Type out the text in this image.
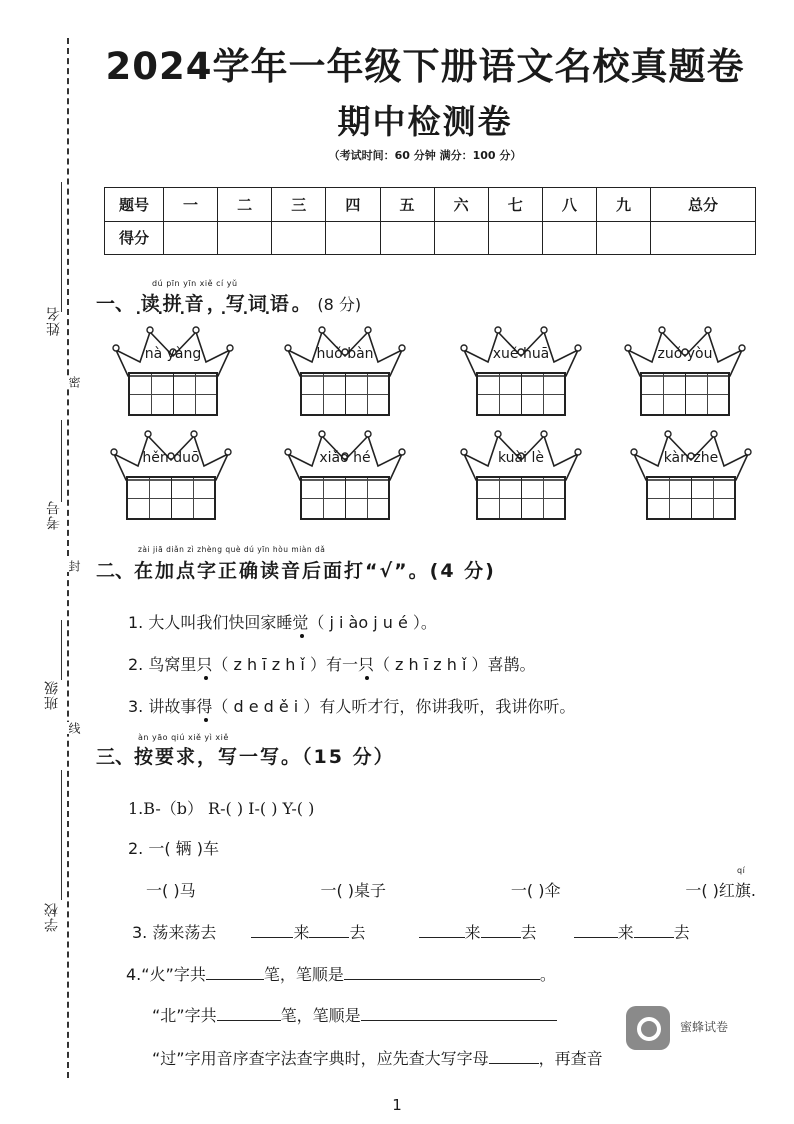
姓名
密
考号
封
班级
线
学校
2024学年一年级下册语文名校真题卷
期中检测卷
（考试时间：60 分钟 满分：100 分）
题号	一	二	三	四	五	六	七	八	九	总分
得分										
dú pīn yīn xiě cí yǔ
一、 读 . 拼 . 音 . ，写 . 词 . 语 . 。 (8 分)
nà yàng	huǒ bàn	xuě huā	zuǒ yòu
hěn duō	xiǎo hé	kuài lè	kàn zhe
zài jiā diǎn zì zhèng què dú yīn hòu miàn dǎ
二、在加点字正确读音后面打“√”。(4 分)
1. 大人叫我们快回家睡觉（ j i ào j u é ）。
2. 鸟窝里只（ z h ī z h ǐ ）有一只（ z h ī z h ǐ ）喜鹊。
3. 讲故事得（ d e d ě i ）有人听才行，你讲我听，我讲你听。
àn yāo qiú xiě yì xiě
三、按要求，写一写。（15 分）
1.B-（b） R-( ) I-( ) Y-( )
2. 一( 辆 )车
一( )马	一( )桌子	一( )伞	一( )红旗.
qí
3. 荡来荡去	来	去	来	去	来	去
4.“火”字共	笔，笔顺是	。
“北”字共	笔，笔顺是
“过”字用音序查字法查字典时，应先查大写字母	，再查音
蜜蜂试卷
1
